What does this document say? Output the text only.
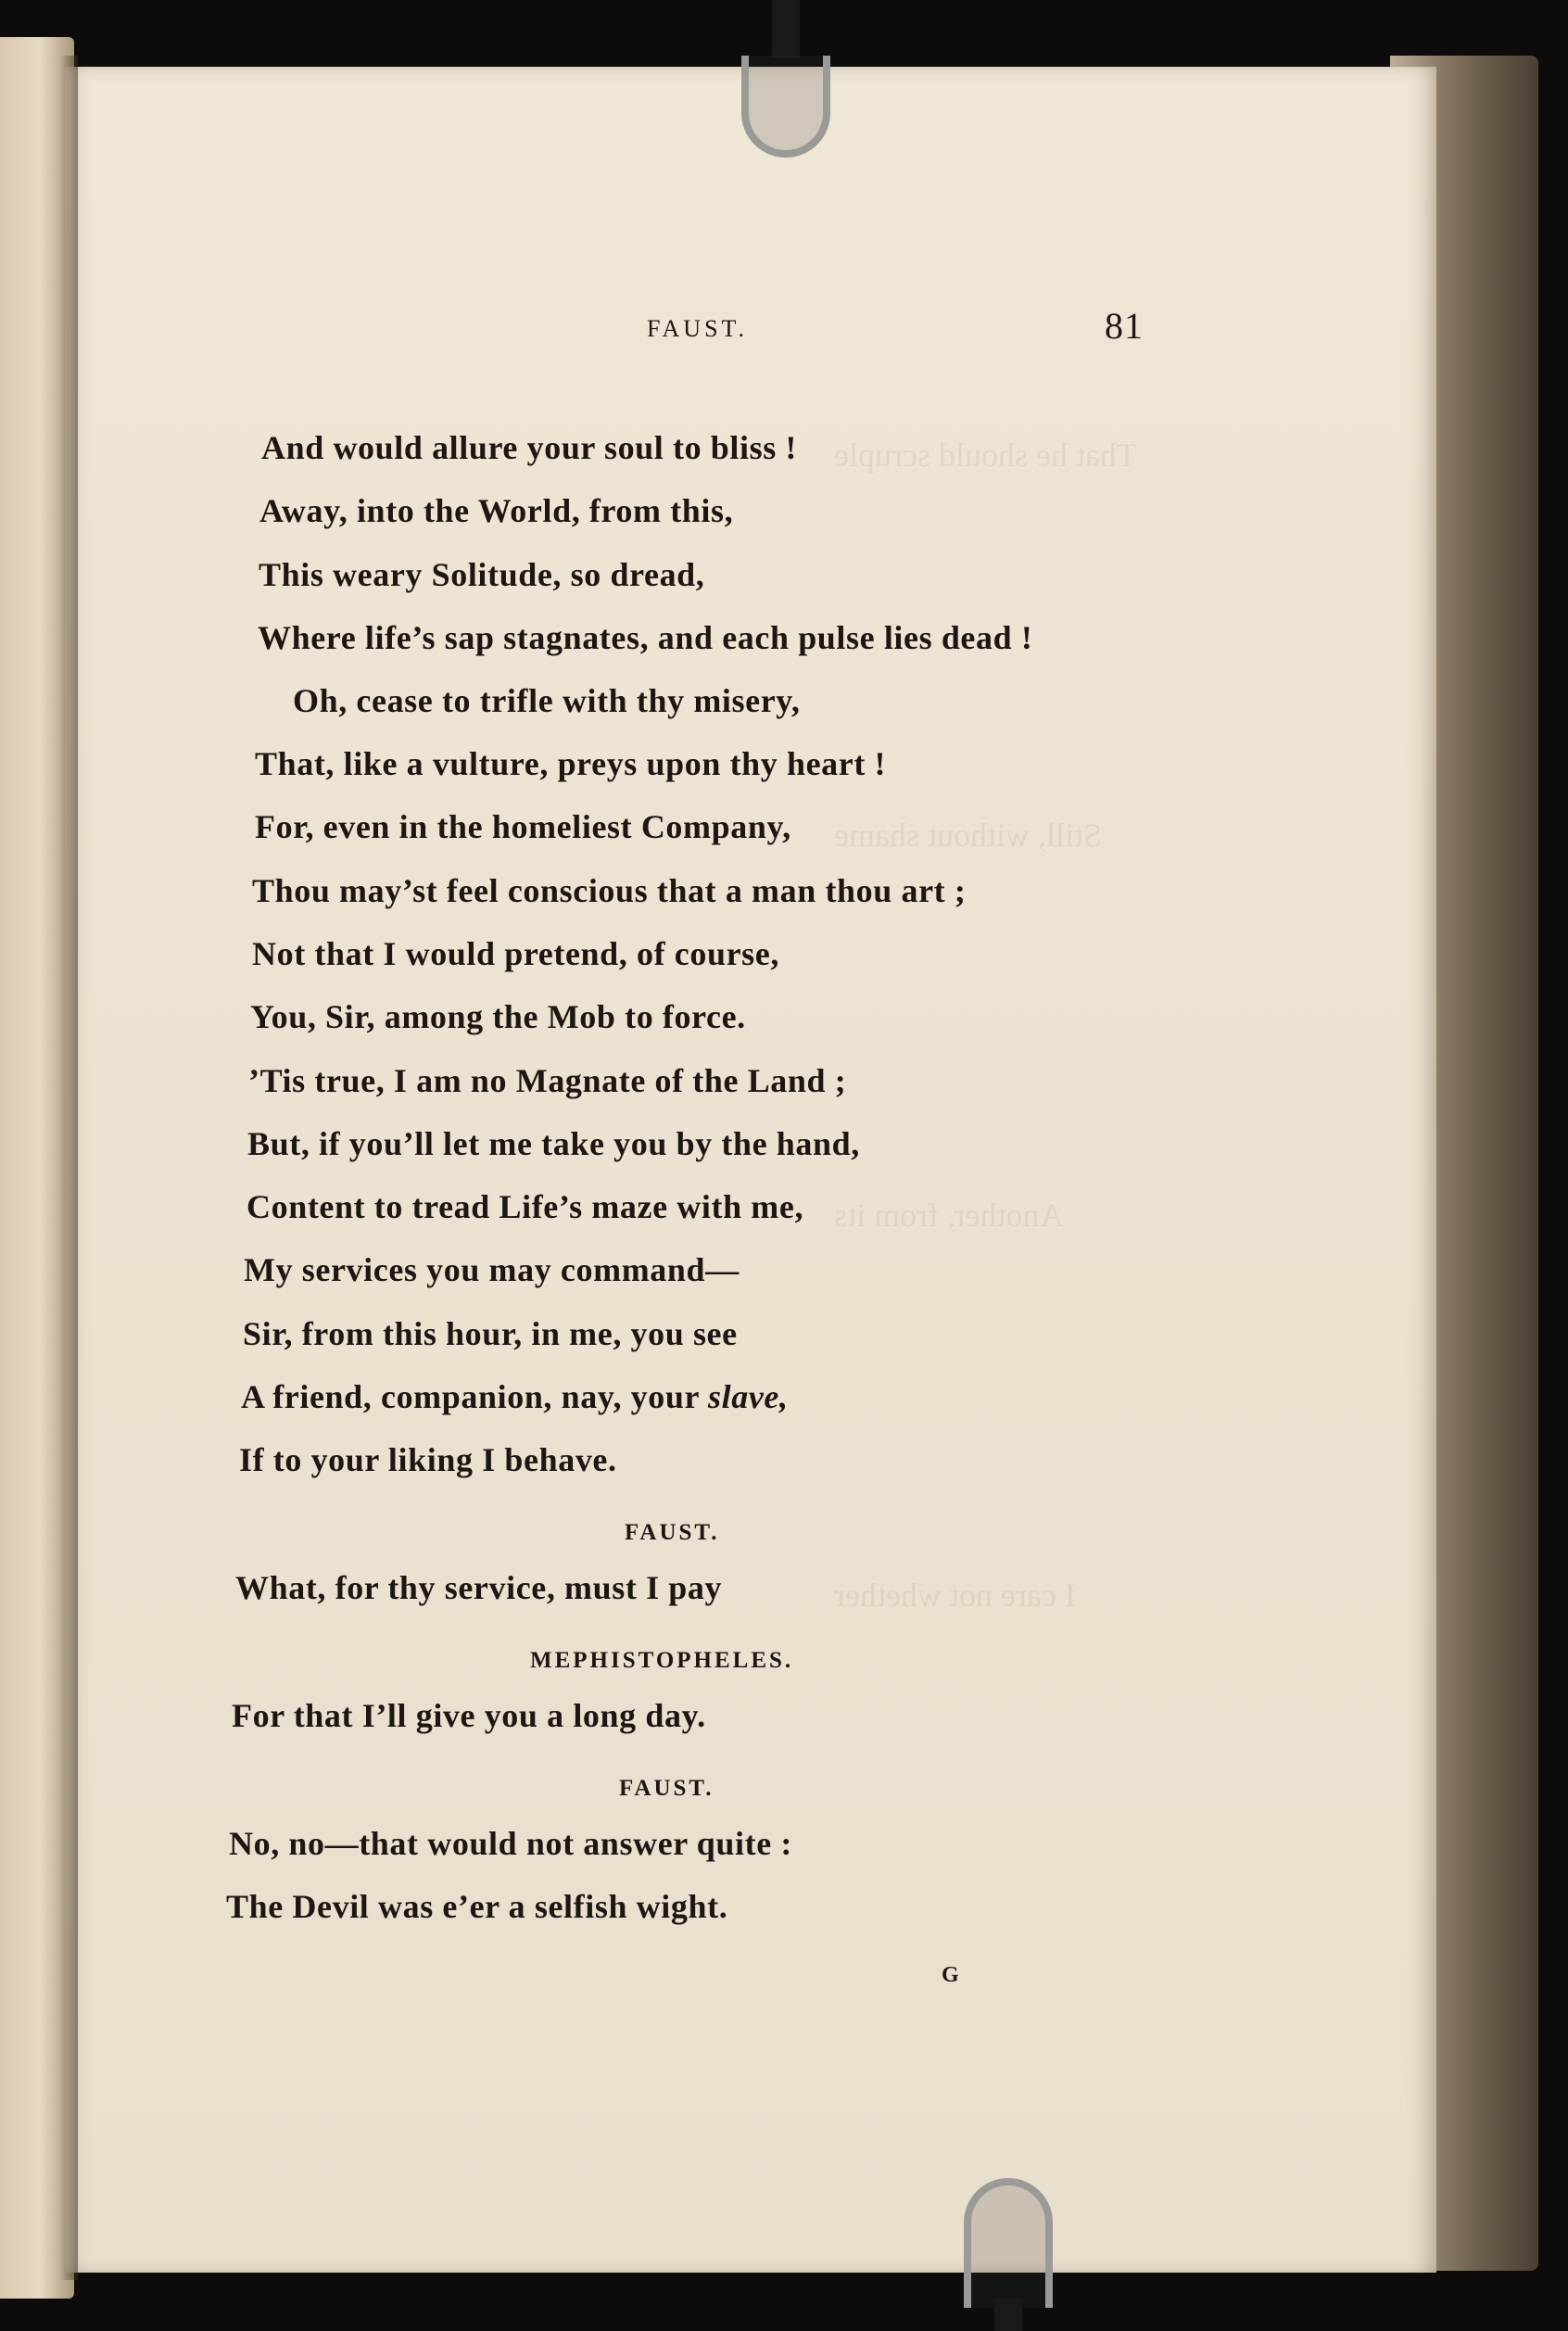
That he should scruple
Still, without shame
Another, from its
I care not whether
FAUST.	81
And would allure your soul to bliss !
Away, into the World, from this,
This weary Solitude, so dread,
Where life’s sap stagnates, and each pulse lies dead !
Oh, cease to trifle with thy misery,
That, like a vulture, preys upon thy heart !
For, even in the homeliest Company,
Thou may’st feel conscious that a man thou art ;
Not that I would pretend, of course,
You, Sir, among the Mob to force.
’Tis true, I am no Magnate of the Land ;
But, if you’ll let me take you by the hand,
Content to tread Life’s maze with me,
My services you may command—
Sir, from this hour, in me, you see
A friend, companion, nay, your slave,
If to your liking I behave.
FAUST.
What, for thy service, must I pay
MEPHISTOPHELES.
For that I’ll give you a long day.
FAUST.
No, no—that would not answer quite :
The Devil was e’er a selfish wight.
G
